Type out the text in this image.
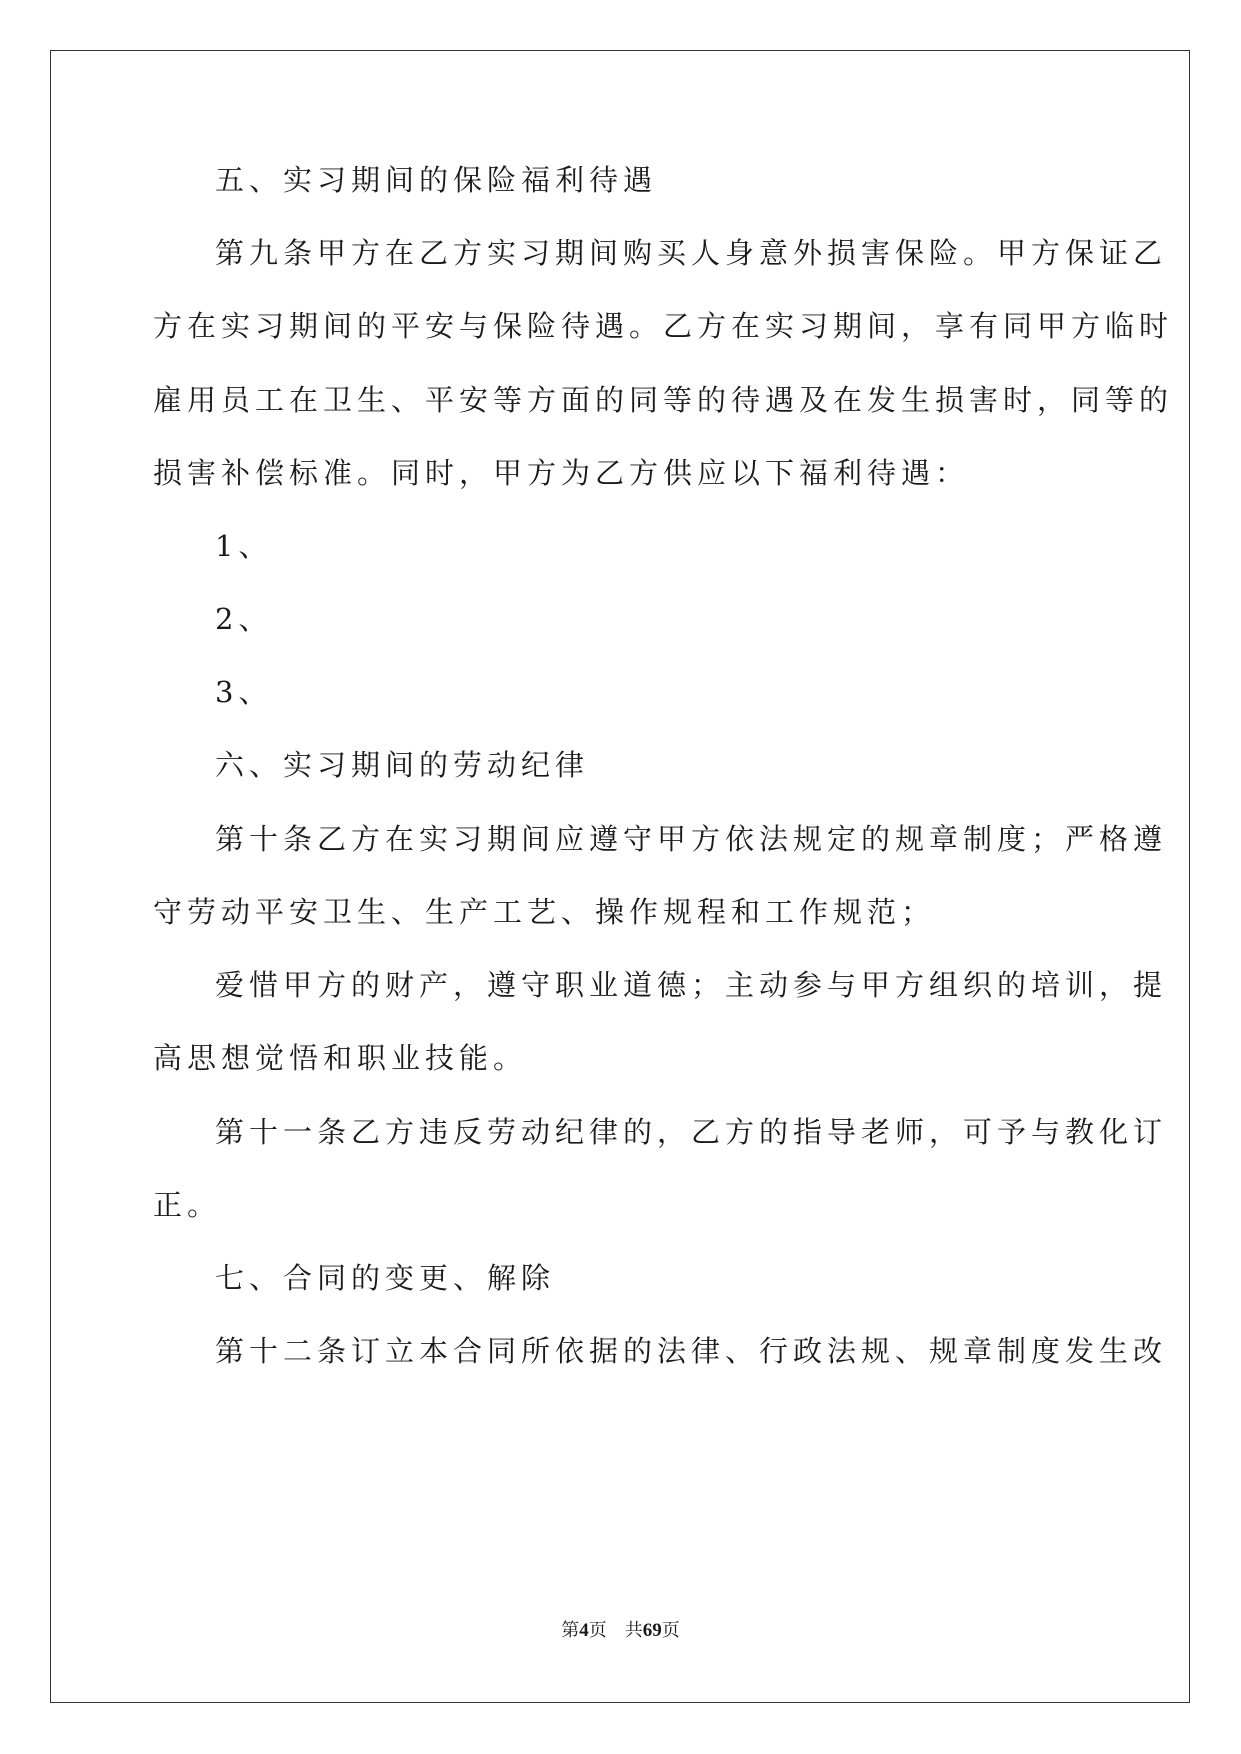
五、实习期间的保险福利待遇
第九条甲方在乙方实习期间购买人身意外损害保险。甲方保证乙
方在实习期间的平安与保险待遇。乙方在实习期间，享有同甲方临时
雇用员工在卫生、平安等方面的同等的待遇及在发生损害时，同等的
损害补偿标准。同时，甲方为乙方供应以下福利待遇：
1、
2、
3、
六、实习期间的劳动纪律
第十条乙方在实习期间应遵守甲方依法规定的规章制度；严格遵
守劳动平安卫生、生产工艺、操作规程和工作规范；
爱惜甲方的财产，遵守职业道德；主动参与甲方组织的培训，提
高思想觉悟和职业技能。
第十一条乙方违反劳动纪律的，乙方的指导老师，可予与教化订
正。
七、合同的变更、解除
第十二条订立本合同所依据的法律、行政法规、规章制度发生改
第4页　共69页
